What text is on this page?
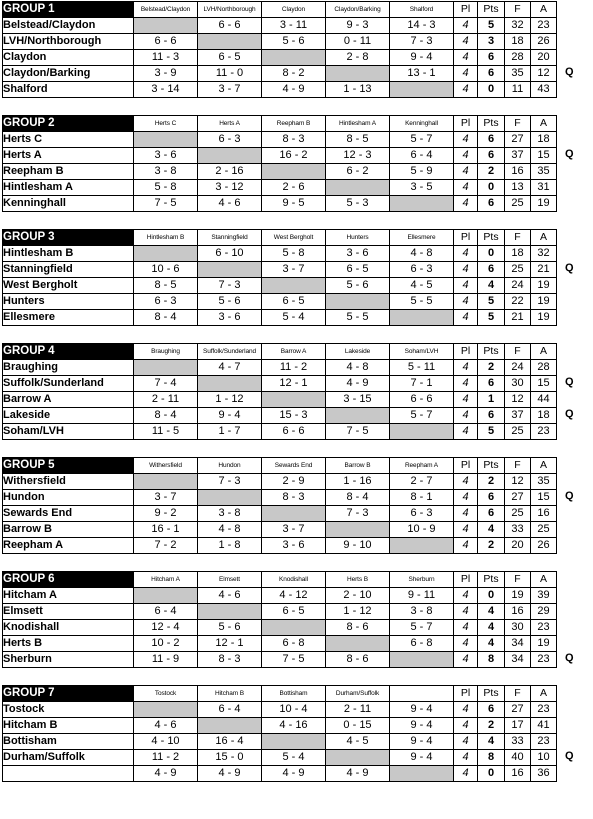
GROUP 1	Belstead/Claydon	LVH/Northborough	Claydon	Claydon/Barking	Shalford	Pl	Pts	F	A
Belstead/Claydon		6 - 6	3 - 11	9 - 3	14 - 3	4	5	32	23
LVH/Northborough	6 - 6		5 - 6	0 - 11	7 - 3	4	3	18	26
Claydon	11 - 3	6 - 5		2 - 8	9 - 4	4	6	28	20
Claydon/Barking	3 - 9	11 - 0	8 - 2		13 - 1	4	6	35	12
Shalford	3 - 14	3 - 7	4 - 9	1 - 13		4	0	11	43
GROUP 2	Herts C	Herts A	Reepham B	Hintlesham A	Kenninghall	Pl	Pts	F	A
Herts C		6 - 3	8 - 3	8 - 5	5 - 7	4	6	27	18
Herts A	3 - 6		16 - 2	12 - 3	6 - 4	4	6	37	15
Reepham B	3 - 8	2 - 16		6 - 2	5 - 9	4	2	16	35
Hintlesham A	5 - 8	3 - 12	2 - 6		3 - 5	4	0	13	31
Kenninghall	7 - 5	4 - 6	9 - 5	5 - 3		4	6	25	19
GROUP 3	Hintlesham B	Stanningfield	West Bergholt	Hunters	Ellesmere	Pl	Pts	F	A
Hintlesham B		6 - 10	5 - 8	3 - 6	4 - 8	4	0	18	32
Stanningfield	10 - 6		3 - 7	6 - 5	6 - 3	4	6	25	21
West Bergholt	8 - 5	7 - 3		5 - 6	4 - 5	4	4	24	19
Hunters	6 - 3	5 - 6	6 - 5		5 - 5	4	5	22	19
Ellesmere	8 - 4	3 - 6	5 - 4	5 - 5		4	5	21	19
GROUP 4	Braughing	Suffolk/Sunderland	Barrow A	Lakeside	Soham/LVH	Pl	Pts	F	A
Braughing		4 - 7	11 - 2	4 - 8	5 - 11	4	2	24	28
Suffolk/Sunderland	7 - 4		12 - 1	4 - 9	7 - 1	4	6	30	15
Barrow A	2 - 11	1 - 12		3 - 15	6 - 6	4	1	12	44
Lakeside	8 - 4	9 - 4	15 - 3		5 - 7	4	6	37	18
Soham/LVH	11 - 5	1 - 7	6 - 6	7 - 5		4	5	25	23
GROUP 5	Withersfield	Hundon	Sewards End	Barrow B	Reepham A	Pl	Pts	F	A
Withersfield		7 - 3	2 - 9	1 - 16	2 - 7	4	2	12	35
Hundon	3 - 7		8 - 3	8 - 4	8 - 1	4	6	27	15
Sewards End	9 - 2	3 - 8		7 - 3	6 - 3	4	6	25	16
Barrow B	16 - 1	4 - 8	3 - 7		10 - 9	4	4	33	25
Reepham A	7 - 2	1 - 8	3 - 6	9 - 10		4	2	20	26
GROUP 6	Hitcham A	Elmsett	Knodishall	Herts B	Sherburn	Pl	Pts	F	A
Hitcham A		4 - 6	4 - 12	2 - 10	9 - 11	4	0	19	39
Elmsett	6 - 4		6 - 5	1 - 12	3 - 8	4	4	16	29
Knodishall	12 - 4	5 - 6		8 - 6	5 - 7	4	4	30	23
Herts B	10 - 2	12 - 1	6 - 8		6 - 8	4	4	34	19
Sherburn	11 - 9	8 - 3	7 - 5	8 - 6		4	8	34	23
GROUP 7	Tostock	Hitcham B	Bottisham	Durham/Suffolk		Pl	Pts	F	A
Tostock		6 - 4	10 - 4	2 - 11	9 - 4	4	6	27	23
Hitcham B	4 - 6		4 - 16	0 - 15	9 - 4	4	2	17	41
Bottisham	4 - 10	16 - 4		4 - 5	9 - 4	4	4	33	23
Durham/Suffolk	11 - 2	15 - 0	5 - 4		9 - 4	4	8	40	10
	4 - 9	4 - 9	4 - 9	4 - 9		4	0	16	36
Q
Q
Q
Q
Q
Q
Q
Q
